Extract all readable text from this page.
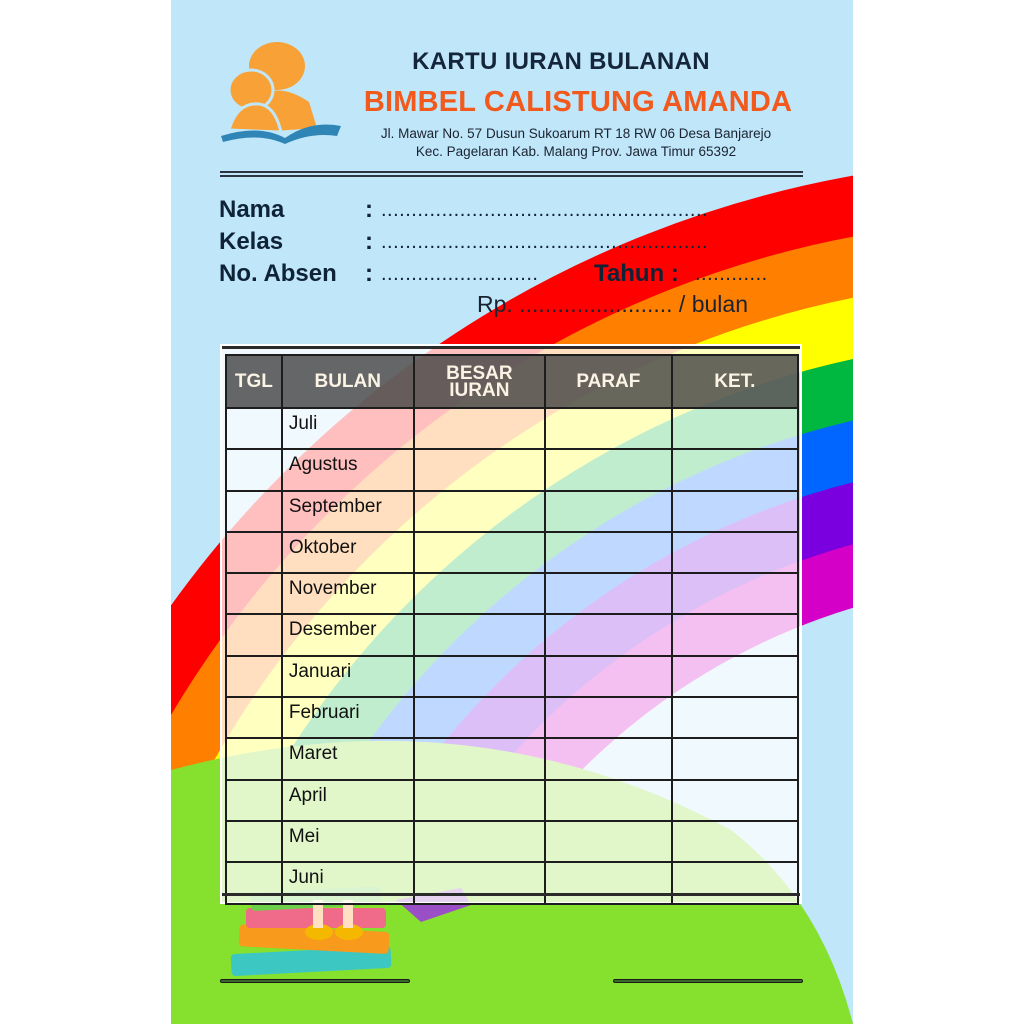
KARTU IURAN BULANAN
BIMBEL CALISTUNG AMANDA
Jl. Mawar No. 57 Dusun Sukoarum RT 18 RW 06 Desa Banjarejo
Kec. Pagelaran Kab. Malang Prov. Jawa Timur 65392
Nama	: ......................................................
Kelas	: ......................................................
No. Absen : ..........................	Tahun : ............
Rp. ........................ / bulan
TGL	BULAN	BESAR IURAN	PARAF	KET.
	Juli			
	Agustus			
	September			
	Oktober			
	November			
	Desember			
	Januari			
	Februari			
	Maret			
	April			
	Mei			
	Juni			
